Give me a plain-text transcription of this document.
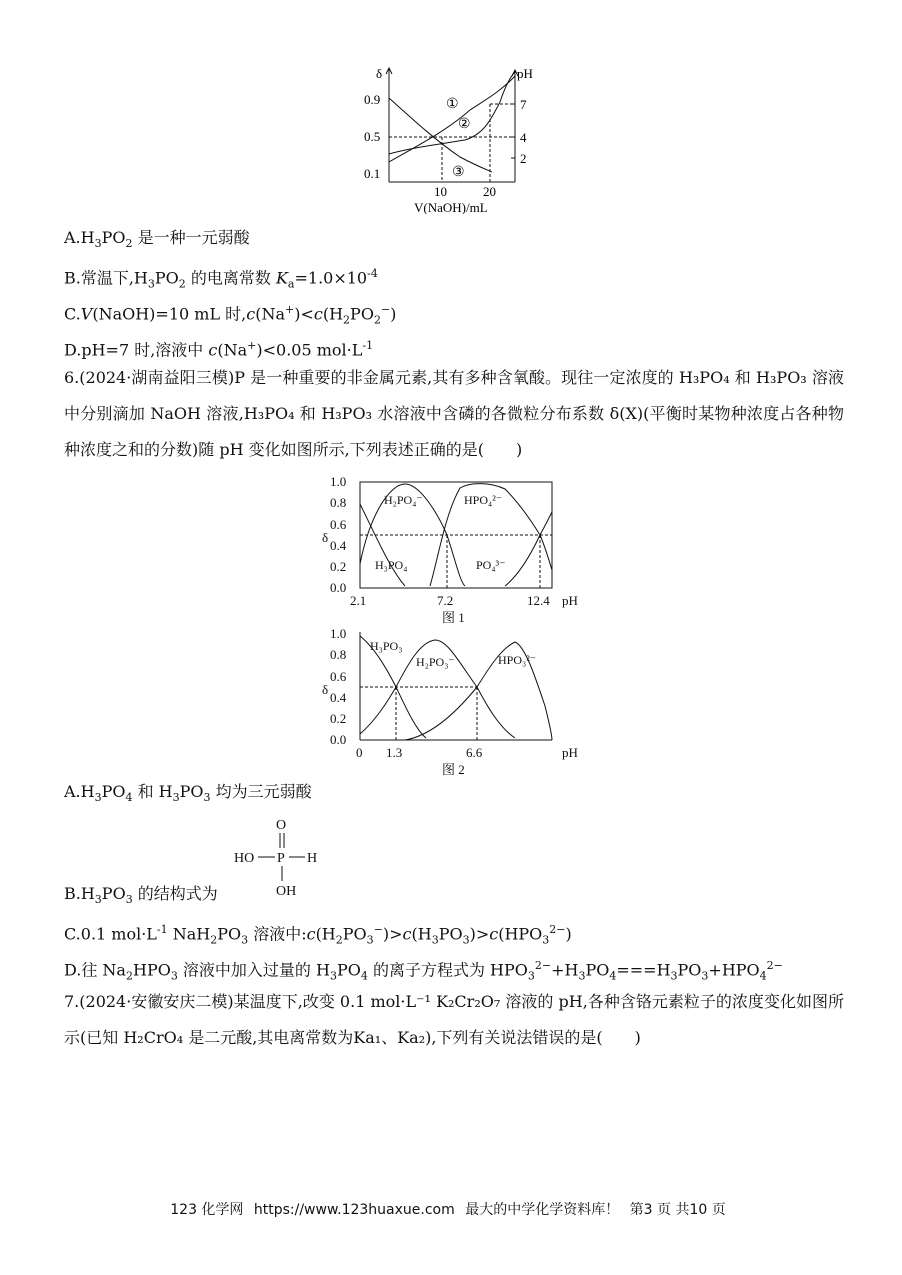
δ	pH
0.9
0.5
0.1
7
4
2
10	20
V(NaOH)/mL
①
②
③
$A.H_3PO_2$ 是一种一元弱酸
B.常温下$,H_3PO_2$ 的电离常数 $K_a=1.0\times 10^{-4}$
C.V(NaOH)=10 mL 时$,c(Na^+)<c(H_2PO_2^-)$
D.pH=7 时,溶液中 c(Na+)<0.05 $mol\cdot L^{-1}$
6.(2024·湖南益阳三模)P 是一种重要的非金属元素,其有多种含氧酸。现往一定浓度的 H₃PO₄ 和 H₃PO₃ 溶液中分别滴加 NaOH 溶液,H₃PO₄ 和 H₃PO₃ 水溶液中含磷的各微粒分布系数 δ(X)(平衡时某物种浓度占各种物种浓度之和的分数)随 pH 变化如图所示,下列表述正确的是(　　)
1.0
0.8
0.6
0.4
0.2
0.0
δ
2.1	7.2	12.4 pH
图 1
H₂PO₄⁻	HPO₄²⁻
H₃PO₄	PO₄³⁻
1.0
0.8
0.6
0.4
0.2
0.0
δ
0 1.3	6.6	pH
图 2
H₃PO₃
H₂PO₃⁻	HPO₃²⁻
$A.H_3PO_4$ 和 $H_3PO_3$ 均为三元弱酸
O
HO P H
OH
$B.H_3PO_3$ 的结构式为
C.0.1 $mol\cdot L^{-1}$ $NaH_2PO_3$ 溶液中$:c(H_2PO_3^-)>c(H_3PO_3)>c(HPO_3^{2-})$
D.往 $Na_2HPO_3$ 溶液中加入过量的 $H_3PO_4$ 的离子方程式为 $HPO_3^{2-}+H_3PO_4===H_3PO_3+HPO_4^{2-}$
7.(2024·安徽安庆二模)某温度下,改变 0.1 mol·L⁻¹ K₂Cr₂O₇ 溶液的 pH,各种含铬元素粒子的浓度变化如图所示(已知 H₂CrO₄ 是二元酸,其电离常数为Ka₁、Ka₂),下列有关说法错误的是(　　)
123 化学网 https://www.123huaxue.com 最大的中学化学资料库！ 第3 页 共10 页
